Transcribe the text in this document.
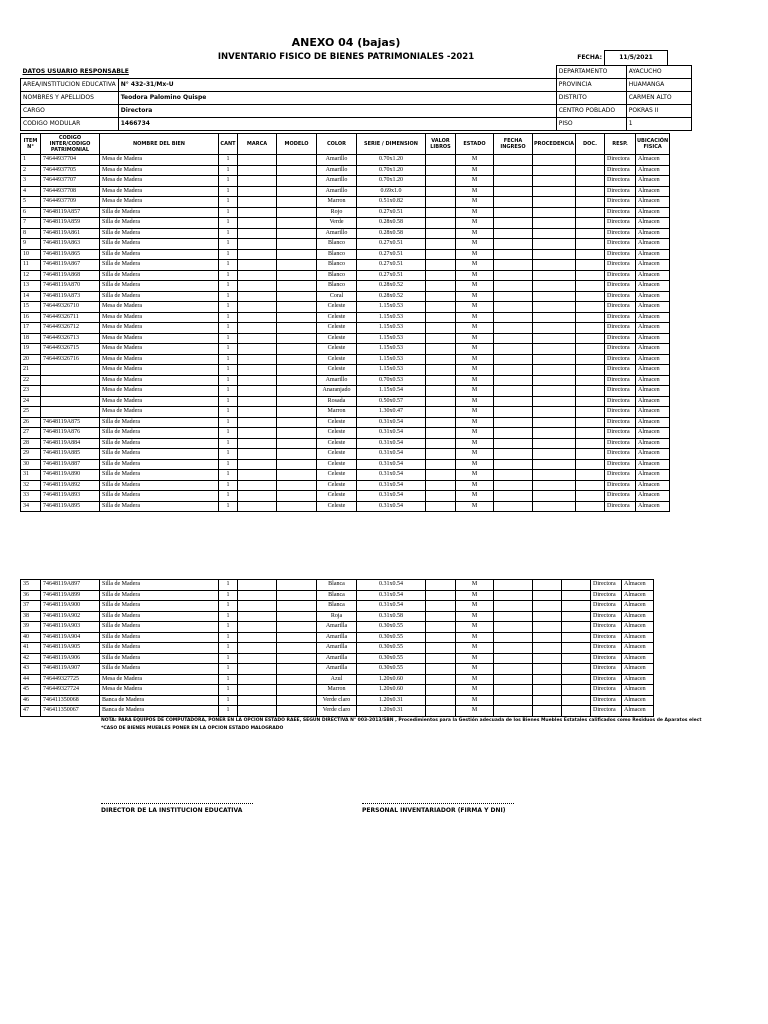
ANEXO 04 (bajas)
INVENTARIO FISICO DE BIENES PATRIMONIALES -2021	FECHA:	11/5/2021
DATOS USUARIO RESPONSABLE		DEPARTAMENTO	AYACUCHO
AREA/INSTITUCION EDUCATIVA	N° 432-31/Mx-U	PROVINCIA	HUAMANGA
NOMBRES Y APELLIDOS	Teodora Palomino Quispe	DISTRITO	CARMEN ALTO
CARGO	Directora	CENTRO POBLADO	POKRAS II
CODIGO MODULAR	1466734	PISO	1
ITEM N°	CODIGO INTER/CODIGO PATRIMONIAL	NOMBRE DEL BIEN	CANT	MARCA	MODELO	COLOR	SERIE / DIMENSION	VALOR LIBROS	ESTADO	FECHA INGRESO	PROCEDENCIA	DOC.	RESP.	UBICACIÓN FISICA
1	74644937704	Mesa de Madera	1			Amarillo	0.70x1.20		M				Directora	Almacen
2	74644937705	Mesa de Madera	1			Amarillo	0.70x1.20		M				Directora	Almacen
3	74644937707	Mesa de Madera	1			Amarillo	0.70x1.20		M				Directora	Almacen
4	74644937708	Mesa de Madera	1			Amarillo	0.69x1.0		M				Directora	Almacen
5	74644937709	Mesa de Madera	1			Marron	0.51x0.82		M				Directora	Almacen
6	74648119A857	Silla de Madera	1			Rojo	0.27x0.51		M				Directora	Almacen
7	74648119A859	Silla de Madera	1			Verde	0.28x0.58		M				Directora	Almacen
8	74648119A861	Silla de Madera	1			Amarillo	0.28x0.58		M				Directora	Almacen
9	74648119A863	Silla de Madera	1			Blanco	0.27x0.51		M				Directora	Almacen
10	74648119A865	Silla de Madera	1			Blanco	0.27x0.51		M				Directora	Almacen
11	74648119A867	Silla de Madera	1			Blanco	0.27x0.51		M				Directora	Almacen
12	74648119A868	Silla de Madera	1			Blanco	0.27x0.51		M				Directora	Almacen
13	74648119A870	Silla de Madera	1			Blanco	0.28x0.52		M				Directora	Almacen
14	74648119A873	Silla de Madera	1			Coral	0.28x0.52		M				Directora	Almacen
15	746449326710	Mesa de Madera	1			Celeste	1.15x0.53		M				Directora	Almacen
16	746449326711	Mesa de Madera	1			Celeste	1.15x0.53		M				Directora	Almacen
17	746449326712	Mesa de Madera	1			Celeste	1.15x0.53		M				Directora	Almacen
18	746449326713	Mesa de Madera	1			Celeste	1.15x0.53		M				Directora	Almacen
19	746449326715	Mesa de Madera	1			Celeste	1.15x0.53		M				Directora	Almacen
20	746449326716	Mesa de Madera	1			Celeste	1.15x0.53		M				Directora	Almacen
21		Mesa de Madera	1			Celeste	1.15x0.53		M				Directora	Almacen
22		Mesa de Madera	1			Amarillo	0.70x0.53		M				Directora	Almacen
23		Mesa de Madera	1			Anaranjado	1.15x0.54		M				Directora	Almacen
24		Mesa de Madera	1			Rosada	0.50x0.57		M				Directora	Almacen
25		Mesa de Madera	1			Marron	1.30x0.47		M				Directora	Almacen
26	74648119A875	Silla de Madera	1			Celeste	0.31x0.54		M				Directora	Almacen
27	74648119A876	Silla de Madera	1			Celeste	0.31x0.54		M				Directora	Almacen
28	74648119A884	Silla de Madera	1			Celeste	0.31x0.54		M				Directora	Almacen
29	74648119A885	Silla de Madera	1			Celeste	0.31x0.54		M				Directora	Almacen
30	74648119A887	Silla de Madera	1			Celeste	0.31x0.54		M				Directora	Almacen
31	74648119A890	Silla de Madera	1			Celeste	0.31x0.54		M				Directora	Almacen
32	74648119A892	Silla de Madera	1			Celeste	0.31x0.54		M				Directora	Almacen
33	74648119A893	Silla de Madera	1			Celeste	0.31x0.54		M				Directora	Almacen
34	74648119A895	Silla de Madera	1			Celeste	0.31x0.54		M				Directora	Almacen
35	74648119A897	Silla de Madera	1			Blanca	0.31x0.54		M				Directora	Almacen
36	74648119A899	Silla de Madera	1			Blanca	0.31x0.54		M				Directora	Almacen
37	74648119A900	Silla de Madera	1			Blanca	0.31x0.54		M				Directora	Almacen
38	74648119A902	Silla de Madera	1			Roja	0.31x0.58		M				Directora	Almacen
39	74648119A903	Silla de Madera	1			Amarilla	0.30x0.55		M				Directora	Almacen
40	74648119A904	Silla de Madera	1			Amarilla	0.30x0.55		M				Directora	Almacen
41	74648119A905	Silla de Madera	1			Amarilla	0.30x0.55		M				Directora	Almacen
42	74648119A906	Silla de Madera	1			Amarilla	0.30x0.55		M				Directora	Almacen
43	74648119A907	Silla de Madera	1			Amarilla	0.30x0.55		M				Directora	Almacen
44	746449327725	Mesa de Madera	1			Azul	1.20x0.60		M				Directora	Almacen
45	746449327724	Mesa de Madera	1			Marron	1.20x0.60		M				Directora	Almacen
46	746411350068	Banca de Madera	1			Verde claro	1.20x0.31		M				Directora	Almacen
47	746411350067	Banca de Madera	1			Verde claro	1.20x0.31		M				Directora	Almacen
NOTA: PARA EQUIPOS DE COMPUTADORA, PONER EN LA OPCION ESTADO RAEE, SEGUN DIRECTIVA N° 003-2013/SBN , Procedimientos para la Gestión adecuada de los Bienes Muebles Estatales calificados como Residuos de Aparatos elect
*CASO DE BIENES MUEBLES PONER EN LA OPCION ESTADO MALOGRADO
DIRECTOR DE LA INSTITUCION EDUCATIVA	PERSONAL INVENTARIADOR (FIRMA Y DNI)
